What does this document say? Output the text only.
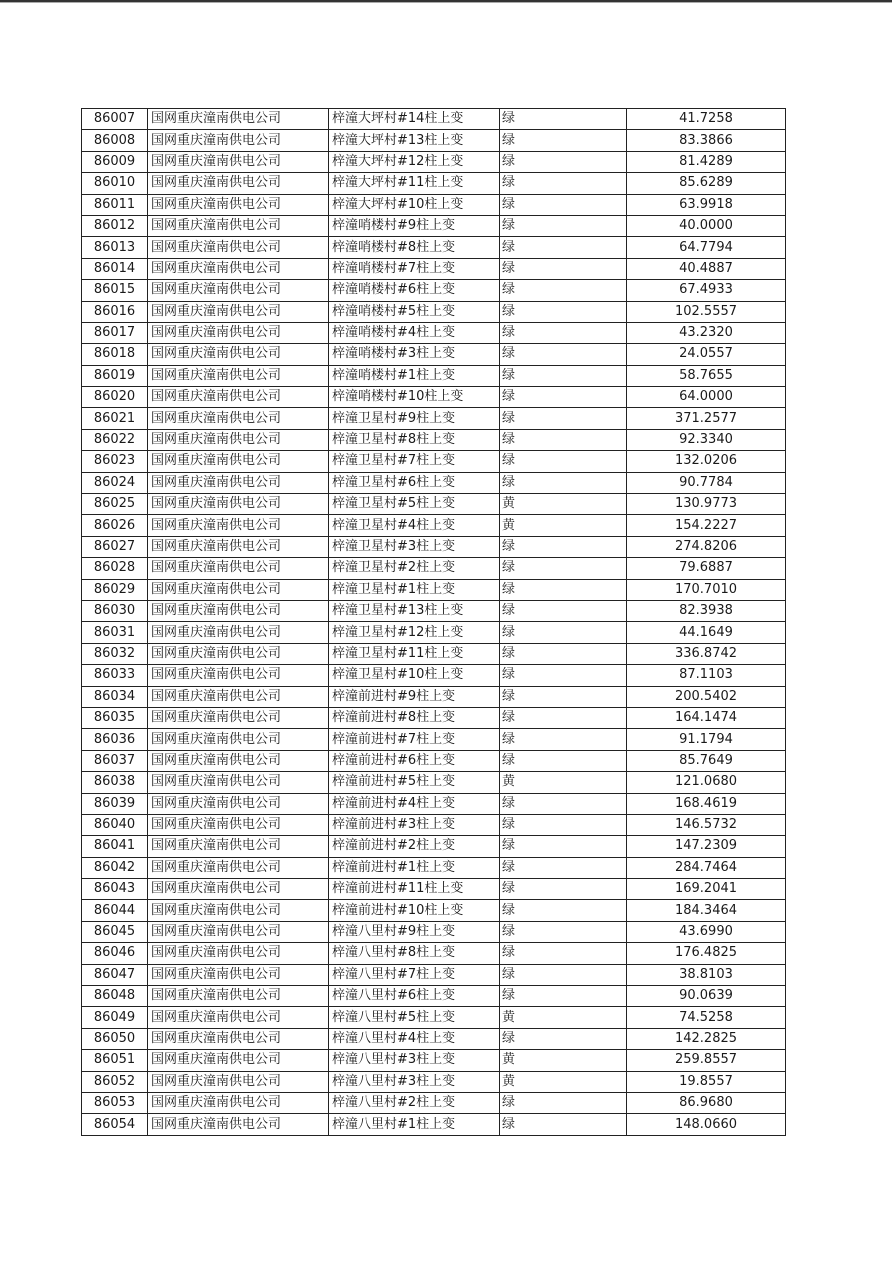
86007	国网重庆潼南供电公司	梓潼大坪村#14柱上变	绿	41.7258
86008	国网重庆潼南供电公司	梓潼大坪村#13柱上变	绿	83.3866
86009	国网重庆潼南供电公司	梓潼大坪村#12柱上变	绿	81.4289
86010	国网重庆潼南供电公司	梓潼大坪村#11柱上变	绿	85.6289
86011	国网重庆潼南供电公司	梓潼大坪村#10柱上变	绿	63.9918
86012	国网重庆潼南供电公司	梓潼哨楼村#9柱上变	绿	40.0000
86013	国网重庆潼南供电公司	梓潼哨楼村#8柱上变	绿	64.7794
86014	国网重庆潼南供电公司	梓潼哨楼村#7柱上变	绿	40.4887
86015	国网重庆潼南供电公司	梓潼哨楼村#6柱上变	绿	67.4933
86016	国网重庆潼南供电公司	梓潼哨楼村#5柱上变	绿	102.5557
86017	国网重庆潼南供电公司	梓潼哨楼村#4柱上变	绿	43.2320
86018	国网重庆潼南供电公司	梓潼哨楼村#3柱上变	绿	24.0557
86019	国网重庆潼南供电公司	梓潼哨楼村#1柱上变	绿	58.7655
86020	国网重庆潼南供电公司	梓潼哨楼村#10柱上变	绿	64.0000
86021	国网重庆潼南供电公司	梓潼卫星村#9柱上变	绿	371.2577
86022	国网重庆潼南供电公司	梓潼卫星村#8柱上变	绿	92.3340
86023	国网重庆潼南供电公司	梓潼卫星村#7柱上变	绿	132.0206
86024	国网重庆潼南供电公司	梓潼卫星村#6柱上变	绿	90.7784
86025	国网重庆潼南供电公司	梓潼卫星村#5柱上变	黄	130.9773
86026	国网重庆潼南供电公司	梓潼卫星村#4柱上变	黄	154.2227
86027	国网重庆潼南供电公司	梓潼卫星村#3柱上变	绿	274.8206
86028	国网重庆潼南供电公司	梓潼卫星村#2柱上变	绿	79.6887
86029	国网重庆潼南供电公司	梓潼卫星村#1柱上变	绿	170.7010
86030	国网重庆潼南供电公司	梓潼卫星村#13柱上变	绿	82.3938
86031	国网重庆潼南供电公司	梓潼卫星村#12柱上变	绿	44.1649
86032	国网重庆潼南供电公司	梓潼卫星村#11柱上变	绿	336.8742
86033	国网重庆潼南供电公司	梓潼卫星村#10柱上变	绿	87.1103
86034	国网重庆潼南供电公司	梓潼前进村#9柱上变	绿	200.5402
86035	国网重庆潼南供电公司	梓潼前进村#8柱上变	绿	164.1474
86036	国网重庆潼南供电公司	梓潼前进村#7柱上变	绿	91.1794
86037	国网重庆潼南供电公司	梓潼前进村#6柱上变	绿	85.7649
86038	国网重庆潼南供电公司	梓潼前进村#5柱上变	黄	121.0680
86039	国网重庆潼南供电公司	梓潼前进村#4柱上变	绿	168.4619
86040	国网重庆潼南供电公司	梓潼前进村#3柱上变	绿	146.5732
86041	国网重庆潼南供电公司	梓潼前进村#2柱上变	绿	147.2309
86042	国网重庆潼南供电公司	梓潼前进村#1柱上变	绿	284.7464
86043	国网重庆潼南供电公司	梓潼前进村#11柱上变	绿	169.2041
86044	国网重庆潼南供电公司	梓潼前进村#10柱上变	绿	184.3464
86045	国网重庆潼南供电公司	梓潼八里村#9柱上变	绿	43.6990
86046	国网重庆潼南供电公司	梓潼八里村#8柱上变	绿	176.4825
86047	国网重庆潼南供电公司	梓潼八里村#7柱上变	绿	38.8103
86048	国网重庆潼南供电公司	梓潼八里村#6柱上变	绿	90.0639
86049	国网重庆潼南供电公司	梓潼八里村#5柱上变	黄	74.5258
86050	国网重庆潼南供电公司	梓潼八里村#4柱上变	绿	142.2825
86051	国网重庆潼南供电公司	梓潼八里村#3柱上变	黄	259.8557
86052	国网重庆潼南供电公司	梓潼八里村#3柱上变	黄	19.8557
86053	国网重庆潼南供电公司	梓潼八里村#2柱上变	绿	86.9680
86054	国网重庆潼南供电公司	梓潼八里村#1柱上变	绿	148.0660
